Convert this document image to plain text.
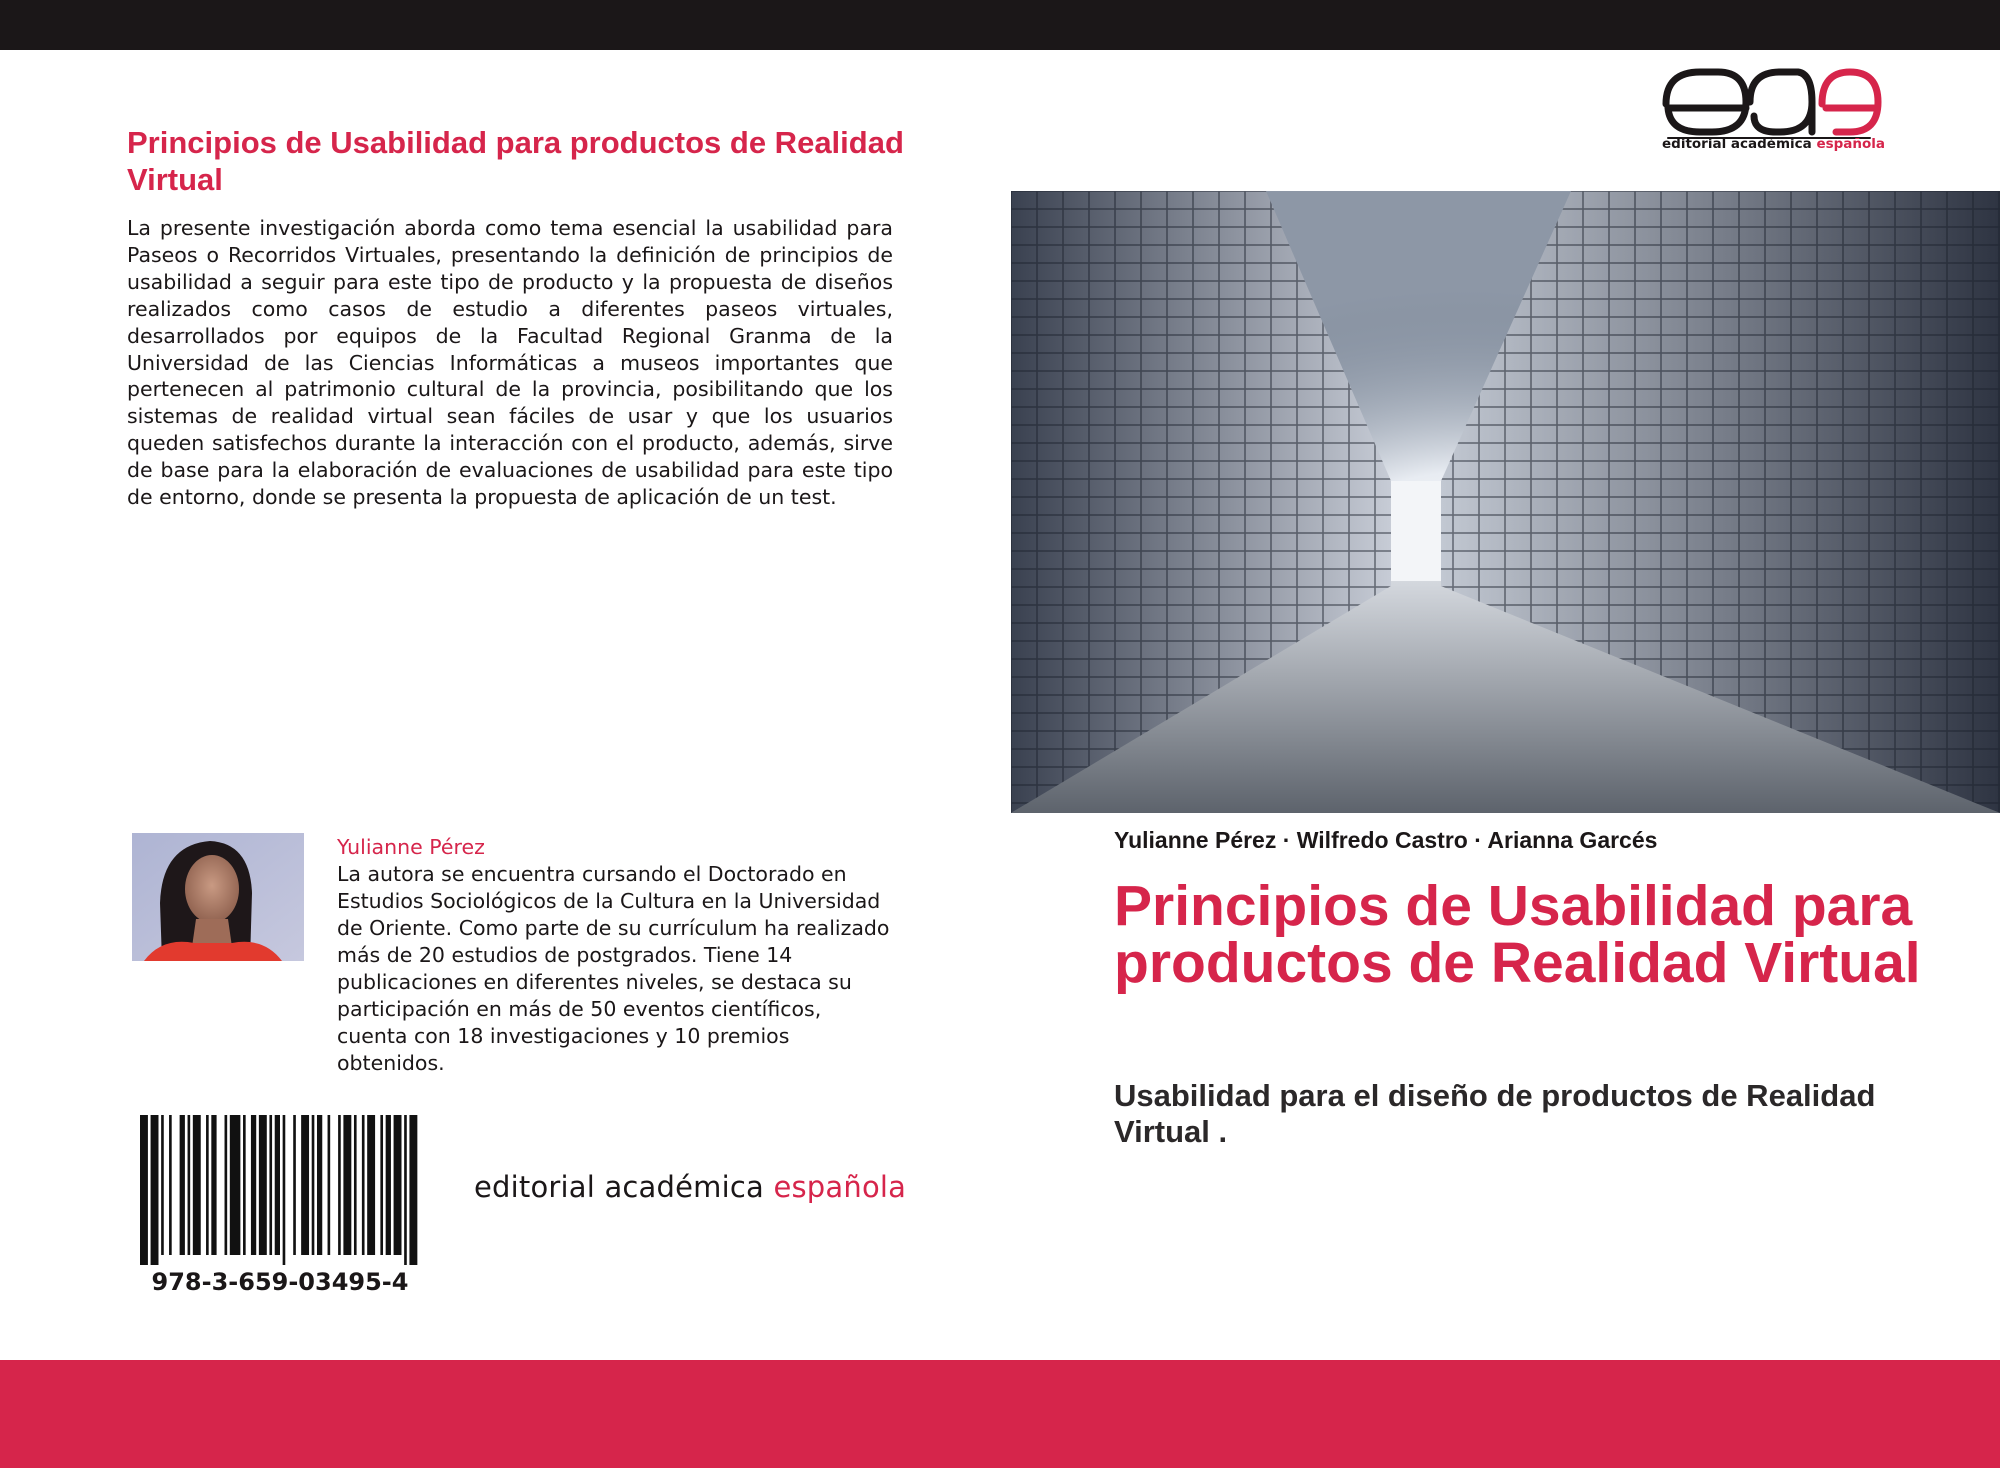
Principios de Usabilidad para productos de Realidad Virtual

La presente investigación aborda como tema esencial la usabilidad para Paseos o Recorridos Virtuales, presentando la definición de principios de usabilidad a seguir para este tipo de producto y la propuesta de diseños realizados como casos de estudio a diferentes paseos virtuales, desarrollados por equipos de la Facultad Regional Granma de la Universidad de las Ciencias Informáticas a museos importantes que pertenecen al patrimonio cultural de la provincia, posibilitando que los sistemas de realidad virtual sean fáciles de usar y que los usuarios queden satisfechos durante la interacción con el producto, además, sirve de base para la elaboración de evaluaciones de usabilidad para este tipo de entorno, donde se presenta la propuesta de aplicación de un test.

Yulianne Pérez

La autora se encuentra cursando el Doctorado en Estudios Sociológicos de la Cultura en la Universidad de Oriente. Como parte de su currículum ha realizado más de 20 estudios de postgrados. Tiene 14 publicaciones en diferentes niveles, se destaca su participación en más de 50 eventos científicos, cuenta con 18 investigaciones y 10 premios obtenidos.

978-3-659-03495-4

editorial académica española

editorial académica española

Yulianne Pérez · Wilfredo Castro · Arianna Garcés

Principios de Usabilidad para productos de Realidad Virtual
Usabilidad para el diseño de productos de Realidad Virtual .
